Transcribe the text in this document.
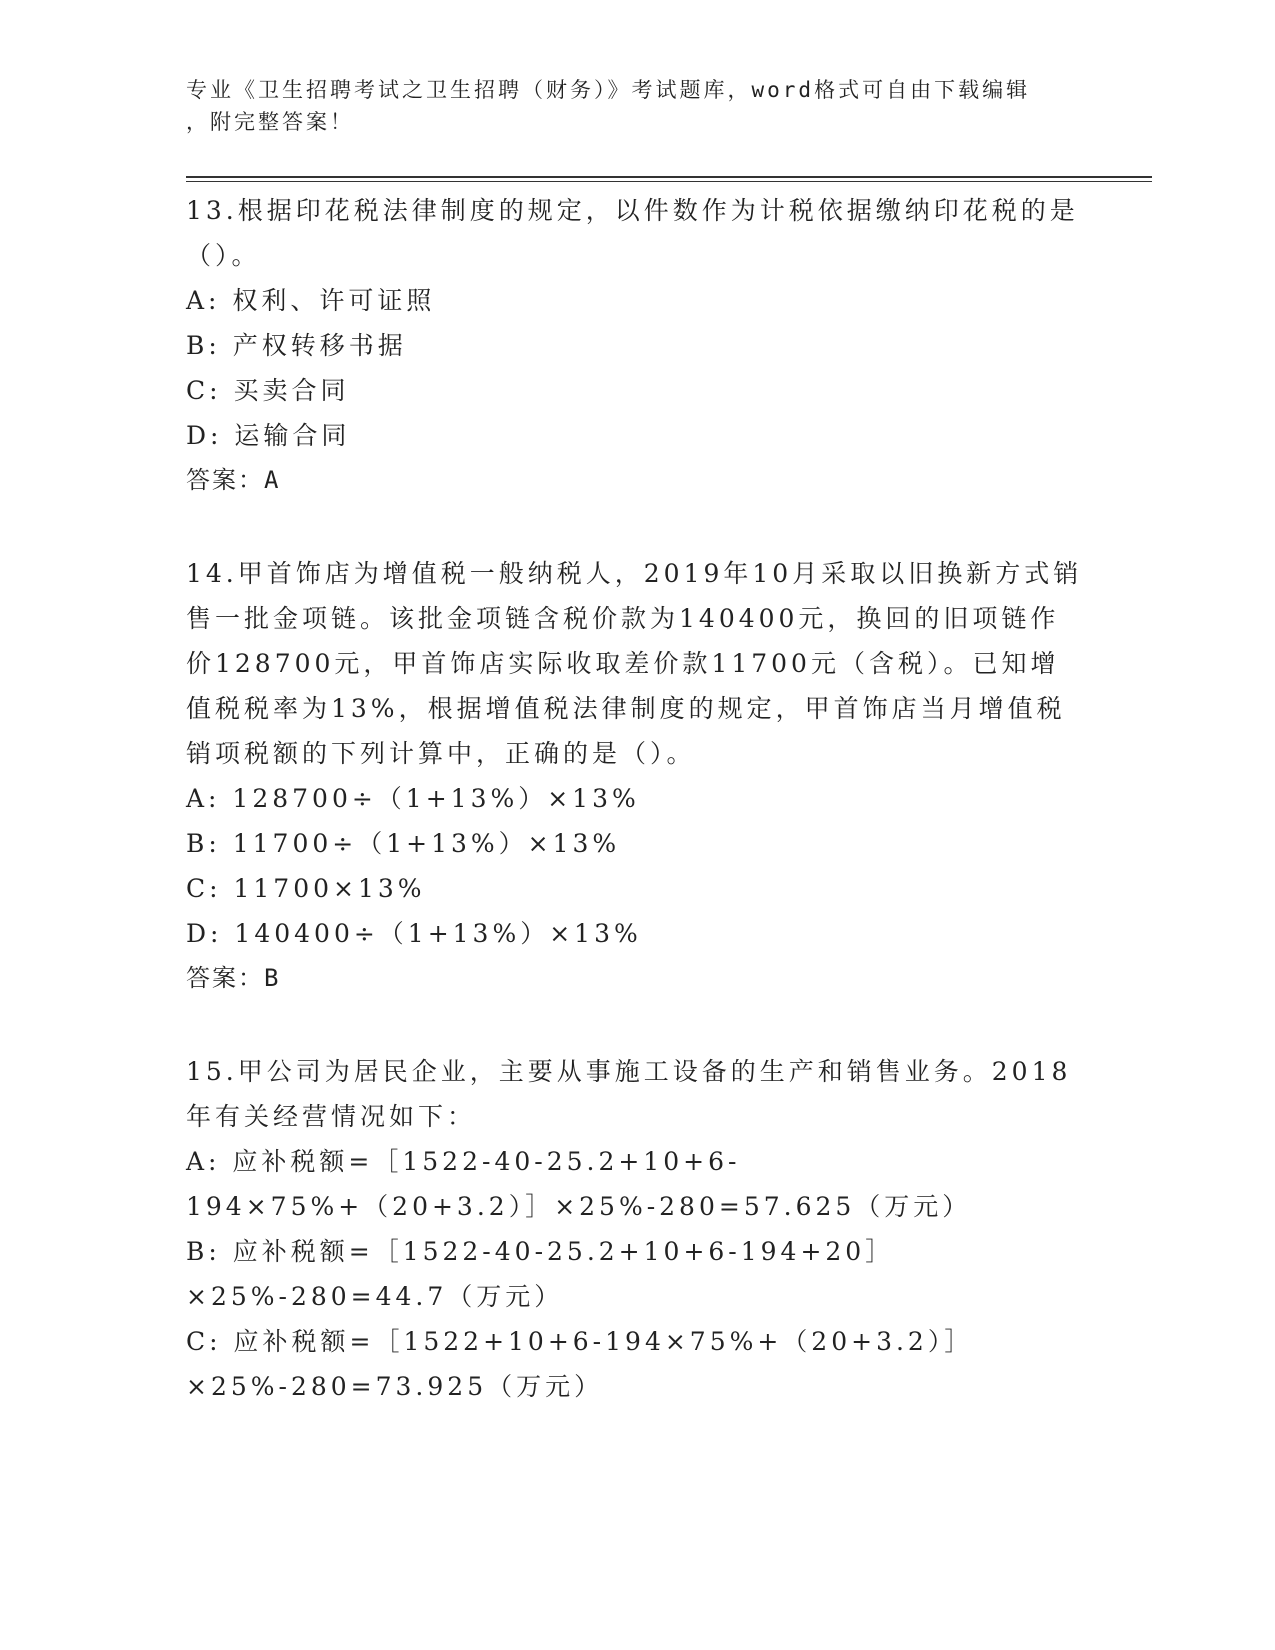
专业《卫生招聘考试之卫生招聘（财务）》考试题库，word格式可自由下载编辑
，附完整答案！

13.根据印花税法律制度的规定，以件数作为计税依据缴纳印花税的是（）。

A: 权利、许可证照

B: 产权转移书据

C: 买卖合同

D: 运输合同

答案：A

14.甲首饰店为增值税一般纳税人，2019年10月采取以旧换新方式销售一批金项链。该批金项链含税价款为140400元，换回的旧项链作价128700元，甲首饰店实际收取差价款11700元（含税）。已知增值税税率为13%，根据增值税法律制度的规定，甲首饰店当月增值税销项税额的下列计算中，正确的是（）。

A: 128700÷（1+13%）×13%

B: 11700÷（1+13%）×13%

C: 11700×13%

D: 140400÷（1+13%）×13%

答案：B

15.甲公司为居民企业，主要从事施工设备的生产和销售业务。2018年有关经营情况如下：

A: 应补税额=［1522-40-25.2+10+6-194×75%+（20+3.2）］×25%-280=57.625（万元）

B: 应补税额=［1522-40-25.2+10+6-194+20］×25%-280=44.7（万元）

C: 应补税额=［1522+10+6-194×75%+（20+3.2）］×25%-280=73.925（万元）
